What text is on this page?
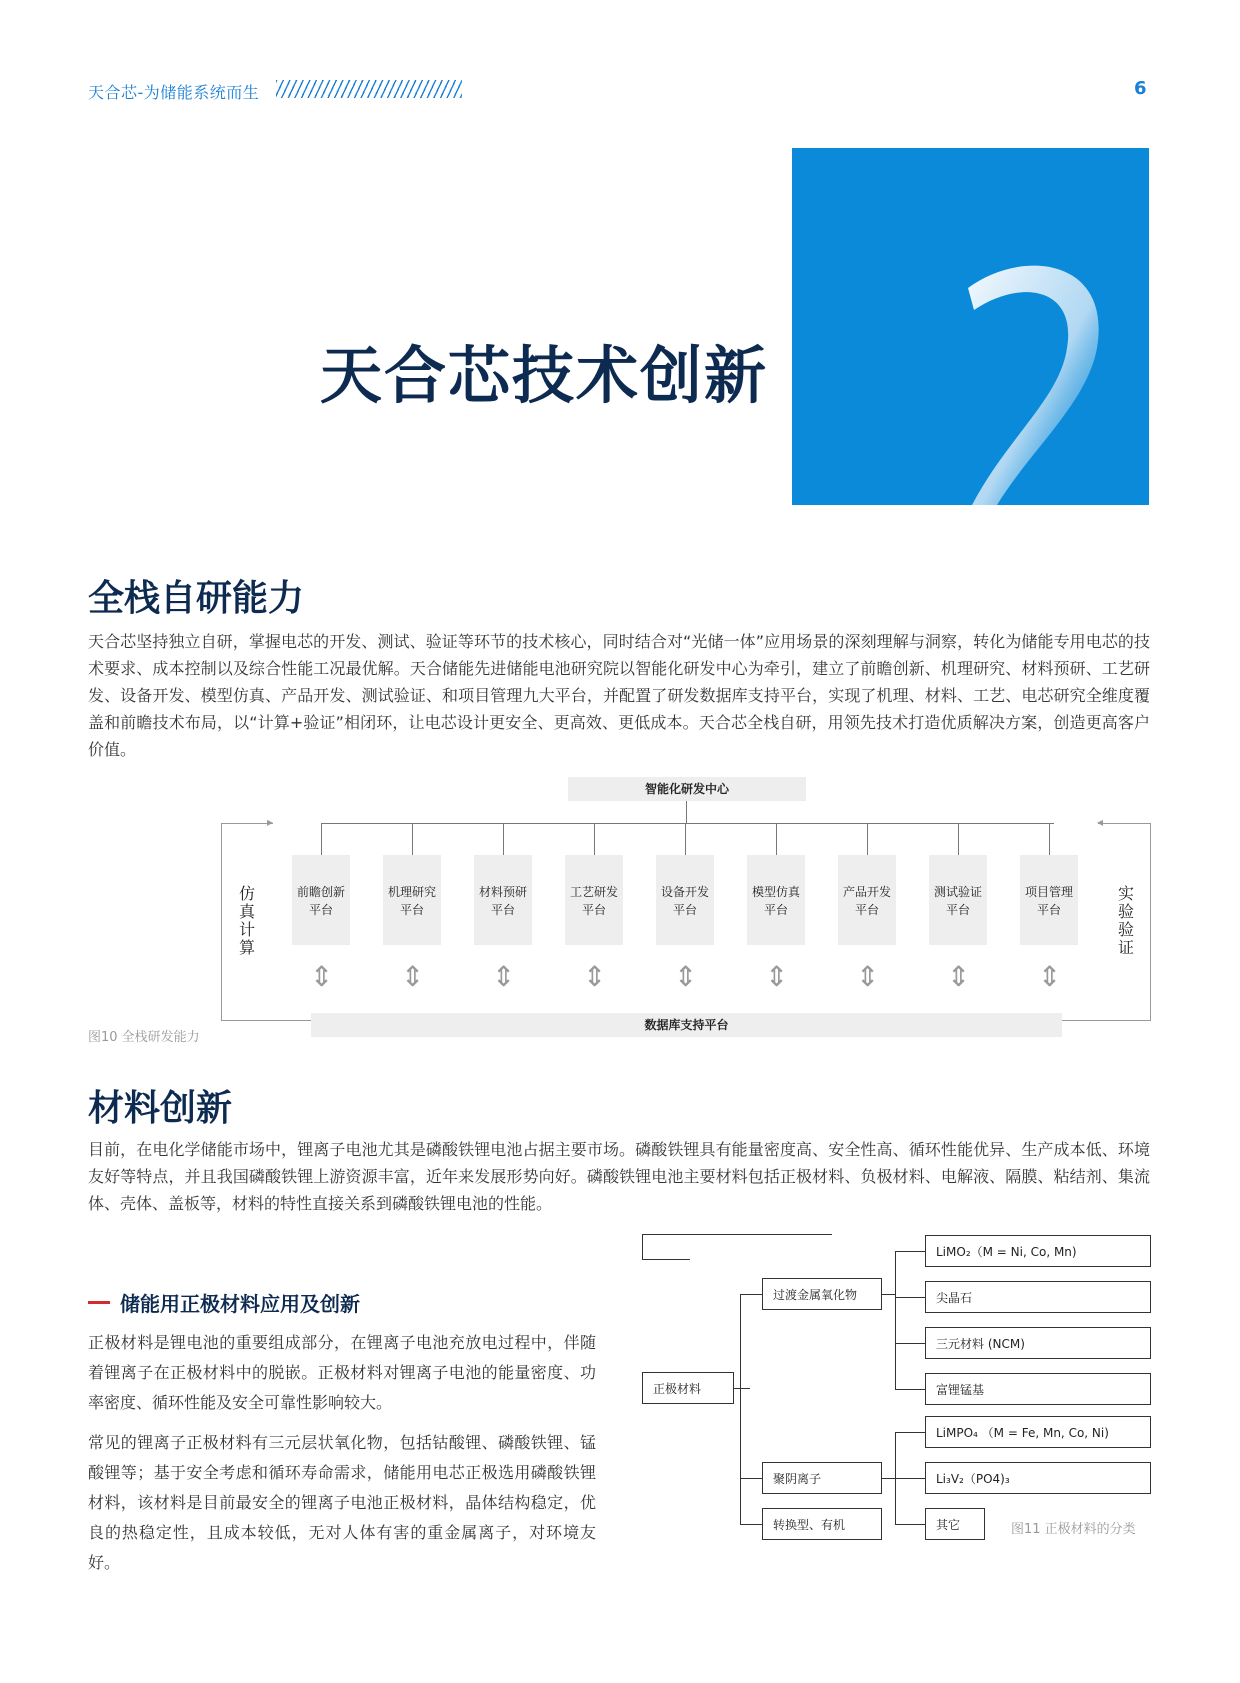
天合芯-为储能系统而生	6
天合芯技术创新
全栈自研能力
天合芯坚持独立自研，掌握电芯的开发、测试、验证等环节的技术核心，同时结合对“光储一体”应用场景的深刻理解与洞察，转化为储能专用电芯的技术要求、成本控制以及综合性能工况最优解。天合储能先进储能电池研究院以智能化研发中心为牵引，建立了前瞻创新、机理研究、材料预研、工艺研发、设备开发、模型仿真、产品开发、测试验证、和项目管理九大平台，并配置了研发数据库支持平台，实现了机理、材料、工艺、电芯研究全维度覆盖和前瞻技术布局，以“计算+验证”相闭环，让电芯设计更安全、更高效、更低成本。天合芯全栈自研，用领先技术打造优质解决方案，创造更高客户价值。
智能化研发中心
前瞻创新
平台
⇕
机理研究
平台
⇕
材料预研
平台
⇕
工艺研发
平台
⇕
设备开发
平台
⇕
模型仿真
平台
⇕
产品开发
平台
⇕
测试验证
平台
⇕
项目管理
平台
⇕
▸
仿真计算
◂
实验验证
数据库支持平台
图10 全栈研发能力
材料创新
目前，在电化学储能市场中，锂离子电池尤其是磷酸铁锂电池占据主要市场。磷酸铁锂具有能量密度高、安全性高、循环性能优异、生产成本低、环境友好等特点，并且我国磷酸铁锂上游资源丰富，近年来发展形势向好。磷酸铁锂电池主要材料包括正极材料、负极材料、电解液、隔膜、粘结剂、集流体、壳体、盖板等，材料的特性直接关系到磷酸铁锂电池的性能。
储能用正极材料应用及创新
正极材料是锂电池的重要组成部分，在锂离子电池充放电过程中，伴随着锂离子在正极材料中的脱嵌。正极材料对锂离子电池的能量密度、功率密度、循环性能及安全可靠性影响较大。
常见的锂离子正极材料有三元层状氧化物，包括钴酸锂、磷酸铁锂、锰酸锂等；基于安全考虑和循环寿命需求，储能用电芯正极选用磷酸铁锂材料，该材料是目前最安全的锂离子电池正极材料，晶体结构稳定，优良的热稳定性，且成本较低，无对人体有害的重金属离子，对环境友好。
正极材料
过渡金属氧化物
聚阴离子
转换型、有机
LiMO₂（M = Ni, Co, Mn)
尖晶石
三元材料 (NCM)
富锂锰基
LiMPO₄ （M = Fe, Mn, Co, Ni)
Li₃V₂（PO4)₃
其它	图11 正极材料的分类
